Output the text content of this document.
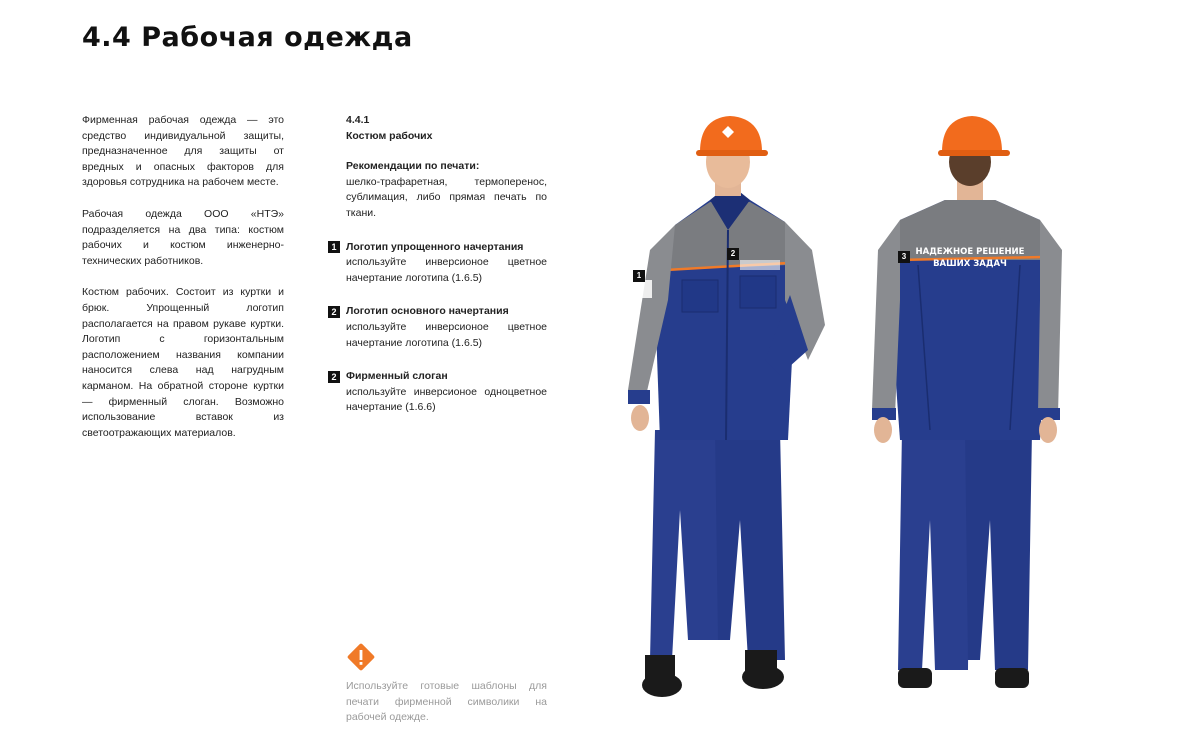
4.4 Рабочая одежда

Фирменная рабочая одежда — это средство индивидуальной защиты, предназначенное для защиты от вредных и опасных факторов для здоровья сотрудника на рабочем месте.

Рабочая одежда ООО «НТЭ» подразделяется на два типа: костюм рабочих и костюм инженерно-технических работников.

Костюм рабочих. Состоит из куртки и брюк. Упрощенный логотип располагается на правом рукаве куртки. Логотип с горизонтальным расположением названия компании наносится слева над нагрудным карманом. На обратной стороне куртки — фирменный слоган. Возможно использование вставок из светоотражающих материалов.

4.4.1
Костюм рабочих
Рекомендации по печати:
шелко-трафаретная, термоперенос, сублимация, либо прямая печать по ткани.
1 Логотип упрощенного начертания
используйте инверсионое цветное начертание логотипа (1.6.5)
2 Логотип основного начертания
используйте инверсионое цветное начертание логотипа (1.6.5)
2 Фирменный слоган
используйте инверсионое одноцветное начертание (1.6.6)
Используйте готовые шаблоны для печати фирменной символики на рабочей одежде.
НАДЕЖНОЕ РЕШЕНИЕ
ВАШИХ ЗАДАЧ
1
2	3
